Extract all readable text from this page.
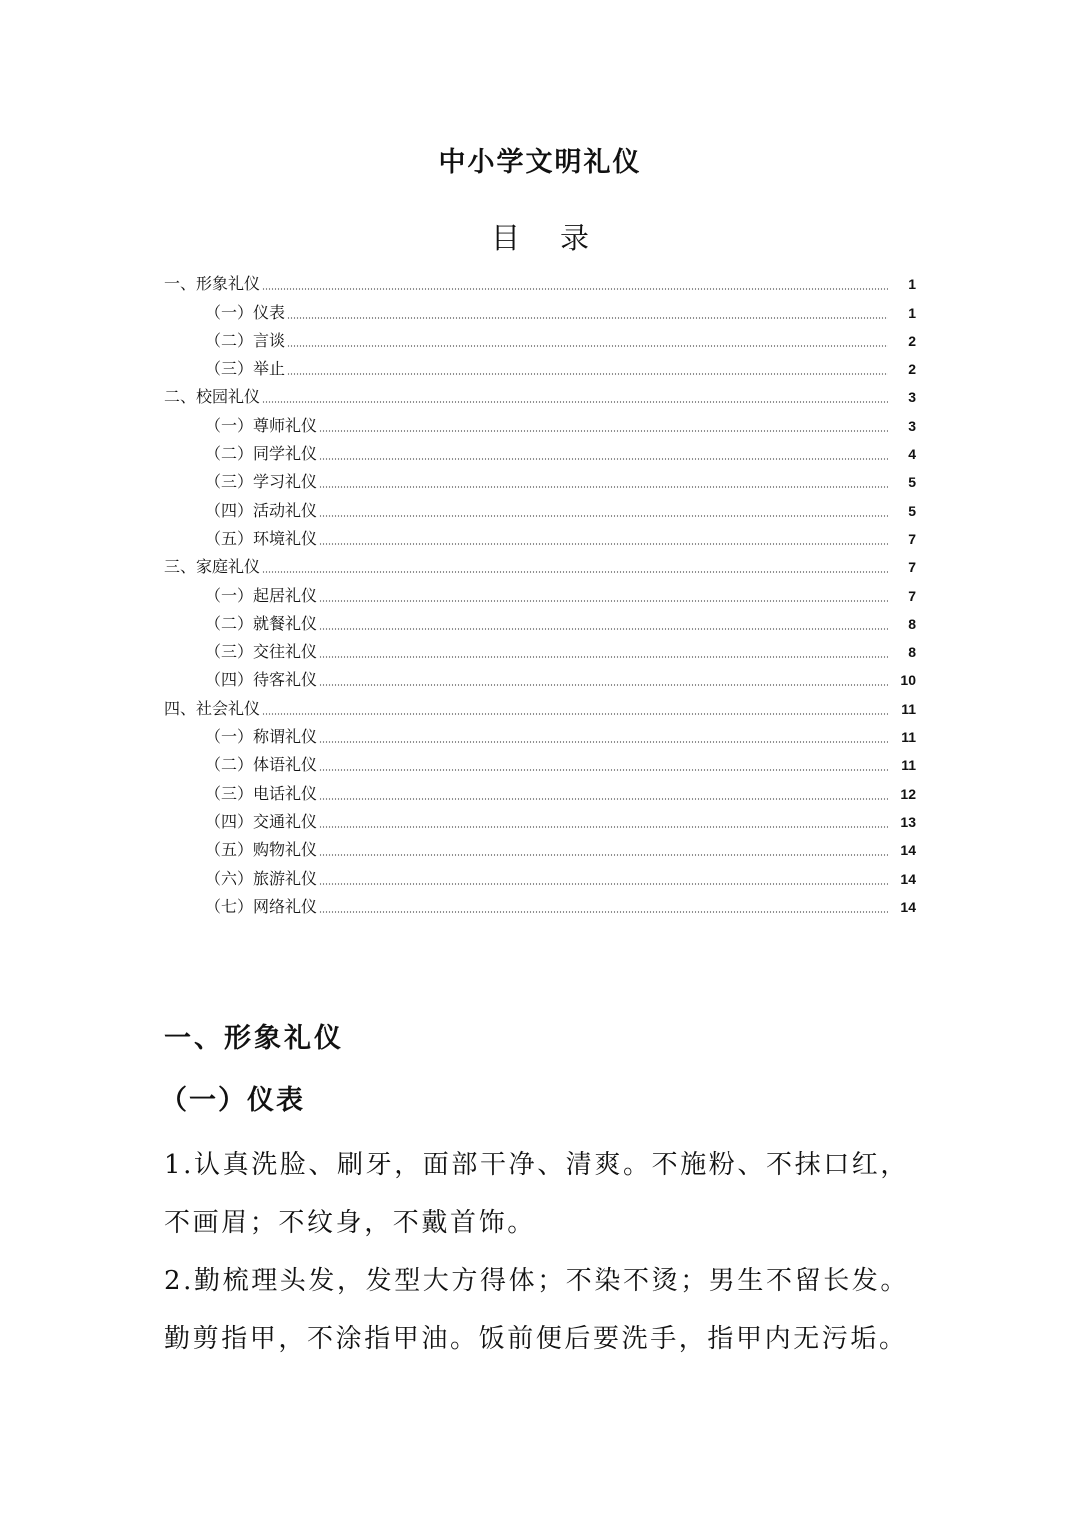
中小学文明礼仪
目 录
一、形象礼仪	1
（一）仪表	1
（二）言谈	2
（三）举止	2
二、校园礼仪	3
（一）尊师礼仪	3
（二）同学礼仪	4
（三）学习礼仪	5
（四）活动礼仪	5
（五）环境礼仪	7
三、家庭礼仪	7
（一）起居礼仪	7
（二）就餐礼仪	8
（三）交往礼仪	8
（四）待客礼仪	10
四、社会礼仪	11
（一）称谓礼仪	11
（二）体语礼仪	11
（三）电话礼仪	12
（四）交通礼仪	13
（五）购物礼仪	14
（六）旅游礼仪	14
（七）网络礼仪	14
一、形象礼仪
（一）仪表

1.认真洗脸、刷牙，面部干净、清爽。不施粉、不抹口红，不画眉；不纹身，不戴首饰。

2.勤梳理头发，发型大方得体；不染不烫；男生不留长发。勤剪指甲，不涂指甲油。饭前便后要洗手，指甲内无污垢。
